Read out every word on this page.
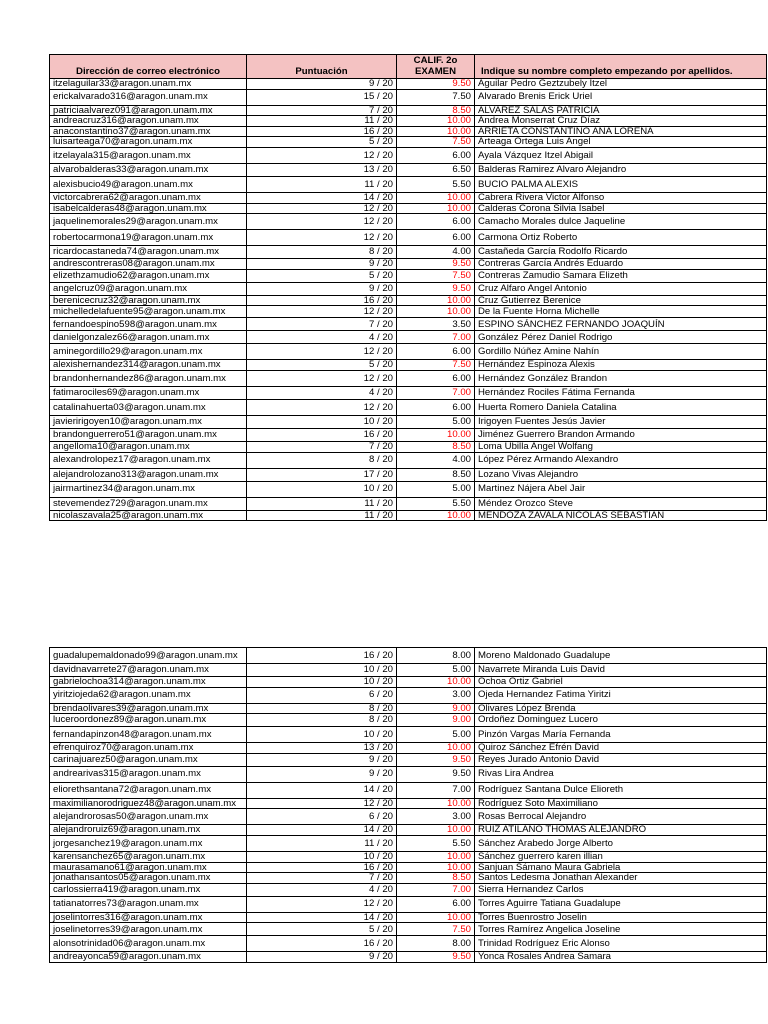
Dirección de correo electrónico	Puntuación	CALIF. 2o
EXAMEN	Indique su nombre completo empezando por apellidos.
itzelaguilar33@aragon.unam.mx	9 / 20	9.50	Aguilar Pedro Geztzubely Itzel
erickalvarado316@aragon.unam.mx	15 / 20	7.50	Alvarado Brenis Erick Uriel
patriciaalvarez091@aragon.unam.mx	7 / 20	8.50	ALVAREZ SALAS PATRICIA
andreacruz316@aragon.unam.mx	11 / 20	10.00	Andrea Monserrat Cruz Díaz
anaconstantino37@aragon.unam.mx	16 / 20	10.00	ARRIETA CONSTANTINO ANA LORENA
luisarteaga70@aragon.unam.mx	5 / 20	7.50	Arteaga Ortega Luis Angel
itzelayala315@aragon.unam.mx	12 / 20	6.00	Ayala Vázquez Itzel Abigail
alvarobalderas33@aragon.unam.mx	13 / 20	6.50	Balderas Ramirez Alvaro Alejandro
alexisbucio49@aragon.unam.mx	11 / 20	5.50	BUCIO PALMA ALEXIS
victorcabrera62@aragon.unam.mx	14 / 20	10.00	Cabrera Rivera Victor Alfonso
isabelcalderas48@aragon.unam.mx	12 / 20	10.00	Calderas Corona Silvia Isabel
jaquelinemorales29@aragon.unam.mx	12 / 20	6.00	Camacho Morales dulce Jaqueline
robertocarmona19@aragon.unam.mx	12 / 20	6.00	Carmona Ortiz Roberto
ricardocastaneda74@aragon.unam.mx	8 / 20	4.00	Castañeda García Rodolfo Ricardo
andrescontreras08@aragon.unam.mx	9 / 20	9.50	Contreras García Andrés Eduardo
elizethzamudio62@aragon.unam.mx	5 / 20	7.50	Contreras Zamudio Samara Elizeth
angelcruz09@aragon.unam.mx	9 / 20	9.50	Cruz Alfaro Angel Antonio
berenicecruz32@aragon.unam.mx	16 / 20	10.00	Cruz Gutierrez Berenice
michelledelafuente95@aragon.unam.mx	12 / 20	10.00	De la Fuente Horna Michelle
fernandoespino598@aragon.unam.mx	7 / 20	3.50	ESPINO SÁNCHEZ FERNANDO JOAQUÍN
danielgonzalez66@aragon.unam.mx	4 / 20	7.00	González Pérez Daniel Rodrigo
aminegordillo29@aragon.unam.mx	12 / 20	6.00	Gordillo Núñez Amine Nahín
alexishernandez314@aragon.unam.mx	5 / 20	7.50	Hernández Espinoza Alexis
brandonhernandez86@aragon.unam.mx	12 / 20	6.00	Hernández González Brandon
fatimarociles69@aragon.unam.mx	4 / 20	7.00	Hernández Rociles Fátima Fernanda
catalinahuerta03@aragon.unam.mx	12 / 20	6.00	Huerta Romero Daniela Catalina
javieririgoyen10@aragon.unam.mx	10 / 20	5.00	Irigoyen Fuentes Jesús Javier
brandonguerrero51@aragon.unam.mx	16 / 20	10.00	Jiménez Guerrero Brandon Armando
angelloma10@aragon.unam.mx	7 / 20	8.50	Loma Ubilla Angel Wolfang
alexandrolopez17@aragon.unam.mx	8 / 20	4.00	López Pérez Armando Alexandro
alejandrolozano313@aragon.unam.mx	17 / 20	8.50	Lozano Vivas Alejandro
jairmartinez34@aragon.unam.mx	10 / 20	5.00	Martinez Nájera Abel Jair
stevemendez729@aragon.unam.mx	11 / 20	5.50	Méndez Orozco Steve
nicolaszavala25@aragon.unam.mx	11 / 20	10.00	MENDOZA ZAVALA NICOLAS SEBASTIAN
guadalupemaldonado99@aragon.unam.mx	16 / 20	8.00	Moreno Maldonado Guadalupe
davidnavarrete27@aragon.unam.mx	10 / 20	5.00	Navarrete Miranda Luis David
gabrielochoa314@aragon.unam.mx	10 / 20	10.00	Ochoa Ortiz Gabriel
yiritziojeda62@aragon.unam.mx	6 / 20	3.00	Ojeda Hernandez Fatima Yiritzi
brendaolivares39@aragon.unam.mx	8 / 20	9.00	Olivares López Brenda
luceroordonez89@aragon.unam.mx	8 / 20	9.00	Ordoñez Dominguez Lucero
fernandapinzon48@aragon.unam.mx	10 / 20	5.00	Pinzón Vargas María Fernanda
efrenquiroz70@aragon.unam.mx	13 / 20	10.00	Quiroz Sánchez Efrén David
carinajuarez50@aragon.unam.mx	9 / 20	9.50	Reyes Jurado Antonio David
andrearivas315@aragon.unam.mx	9 / 20	9.50	Rivas Lira Andrea
eliorethsantana72@aragon.unam.mx	14 / 20	7.00	Rodríguez Santana Dulce Elioreth
maximilianorodriguez48@aragon.unam.mx	12 / 20	10.00	Rodríguez Soto Maximiliano
alejandrorosas50@aragon.unam.mx	6 / 20	3.00	Rosas Berrocal Alejandro
alejandroruiz69@aragon.unam.mx	14 / 20	10.00	RUIZ ATILANO THOMAS ALEJANDRO
jorgesanchez19@aragon.unam.mx	11 / 20	5.50	Sánchez Arabedo Jorge Alberto
karensanchez65@aragon.unam.mx	10 / 20	10.00	Sánchez guerrero karen illian
maurasamano61@aragon.unam.mx	16 / 20	10.00	Sanjuan Sámano Maura Gabriela
jonathansantos05@aragon.unam.mx	7 / 20	8.50	Santos Ledesma Jonathan Alexander
carlossierra419@aragon.unam.mx	4 / 20	7.00	Sierra Hernandez Carlos
tatianatorres73@aragon.unam.mx	12 / 20	6.00	Torres Aguirre Tatiana Guadalupe
joselintorres316@aragon.unam.mx	14 / 20	10.00	Torres Buenrostro Joselin
joselinetorres39@aragon.unam.mx	5 / 20	7.50	Torres Ramírez Angelica Joseline
alonsotrinidad06@aragon.unam.mx	16 / 20	8.00	Trinidad Rodríguez Eric Alonso
andreayonca59@aragon.unam.mx	9 / 20	9.50	Yonca Rosales Andrea Samara
